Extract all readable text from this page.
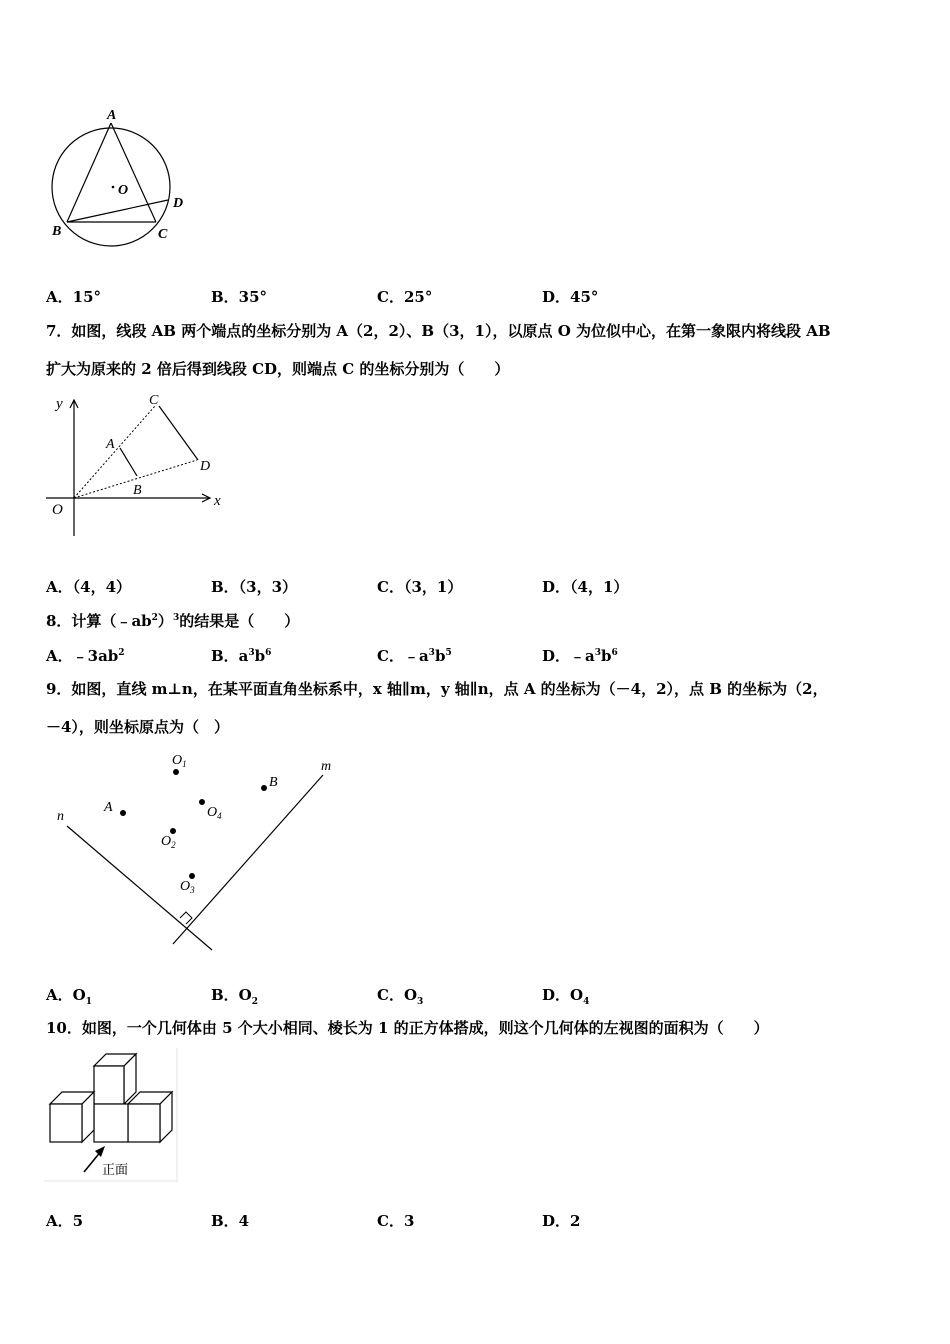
A
O
D
B	C
A．15°	B．35°	C．25°	D．45°
7．如图，线段 AB 两个端点的坐标分别为 A（2，2）、B（3，1），以原点 O 为位似中心，在第一象限内将线段 AB
扩大为原来的 2 倍后得到线段 CD，则端点 C 的坐标分别为（　　）
y
x
O
A
B
C
D
A．（4，4）	B．（3，3）	C．（3，1）	D．（4，1）
8．计算$(﹣ab^2)^3$的结果是（　　）
A．$﹣3ab^2$	B．$a^3b^6$	C．$﹣a^3b^5$	D．$﹣a^3b^6$
9．如图，直线 m⊥n，在某平面直角坐标系中，x 轴∥m，y 轴∥n，点 A 的坐标为（－4，2），点 B 的坐标为（2，
－4），则坐标原点为（　）
n
m
A
B
$O_1$
$O_2$
$O_3$
$O_4$
A．$O_1$	B．$O_2$	C．$O_3$	D．$O_4$
10．如图，一个几何体由 5 个大小相同、棱长为 1 的正方体搭成，则这个几何体的左视图的面积为（　　）
正面
A．5	B．4	C．3	D．2
